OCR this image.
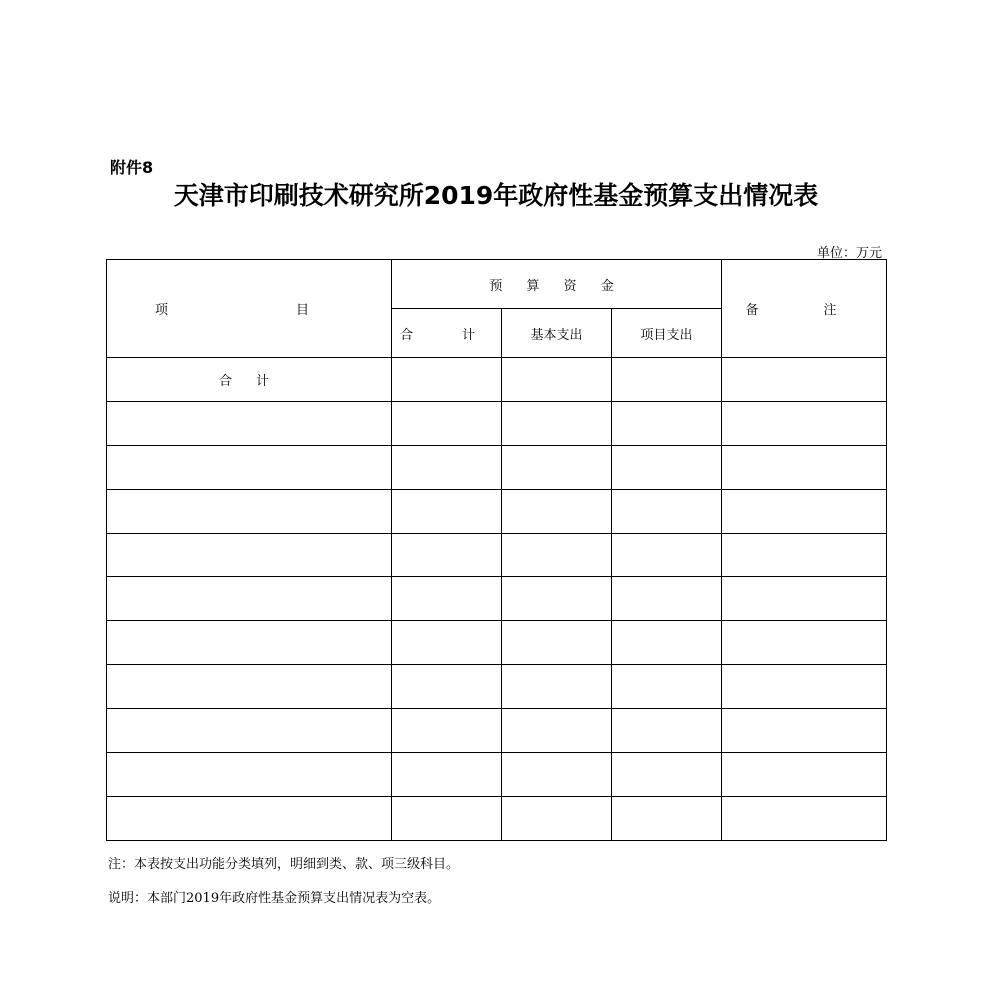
附件8
天津市印刷技术研究所2019年政府性基金预算支出情况表
单位：万元
项　　目	预 算 资 金			备　注
	合　计	基本支出	项目支出	
合 计				

注：本表按支出功能分类填列，明细到类、款、项三级科目。
说明：本部门2019年政府性基金预算支出情况表为空表。
